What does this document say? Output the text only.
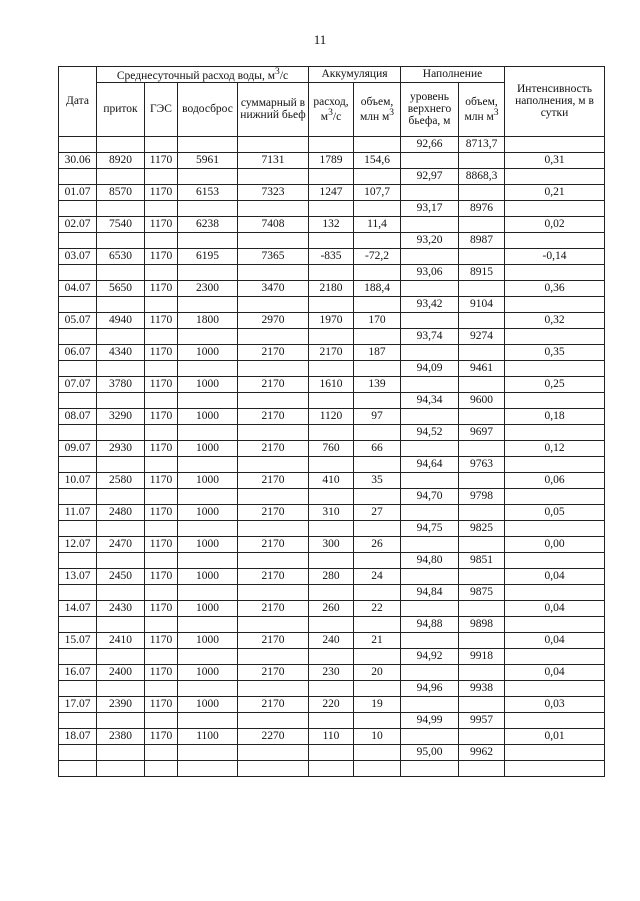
11
Дата	Среднесуточный расход воды, $м^3/с$				Аккумуляция		Наполнение		Интенсивность наполнения, м в сутки
	приток	ГЭС	водосброс	суммарный в нижний бьеф	расход, $м^3/с$	объем, млн $м^3$	уровень верхнего бьефа, м	объем, млн $м^3$
							92,66	8713,7	
30.06	8920	1170	5961	7131	1789	154,6			0,31
							92,97	8868,3	
01.07	8570	1170	6153	7323	1247	107,7			0,21
							93,17	8976	
02.07	7540	1170	6238	7408	132	11,4			0,02
							93,20	8987	
03.07	6530	1170	6195	7365	-835	-72,2			-0,14
							93,06	8915	
04.07	5650	1170	2300	3470	2180	188,4			0,36
							93,42	9104	
05.07	4940	1170	1800	2970	1970	170			0,32
							93,74	9274	
06.07	4340	1170	1000	2170	2170	187			0,35
							94,09	9461	
07.07	3780	1170	1000	2170	1610	139			0,25
							94,34	9600	
08.07	3290	1170	1000	2170	1120	97			0,18
							94,52	9697	
09.07	2930	1170	1000	2170	760	66			0,12
							94,64	9763	
10.07	2580	1170	1000	2170	410	35			0,06
							94,70	9798	
11.07	2480	1170	1000	2170	310	27			0,05
							94,75	9825	
12.07	2470	1170	1000	2170	300	26			0,00
							94,80	9851	
13.07	2450	1170	1000	2170	280	24			0,04
							94,84	9875	
14.07	2430	1170	1000	2170	260	22			0,04
							94,88	9898	
15.07	2410	1170	1000	2170	240	21			0,04
							94,92	9918	
16.07	2400	1170	1000	2170	230	20			0,04
							94,96	9938	
17.07	2390	1170	1000	2170	220	19			0,03
							94,99	9957	
18.07	2380	1170	1100	2270	110	10			0,01
							95,00	9962	
